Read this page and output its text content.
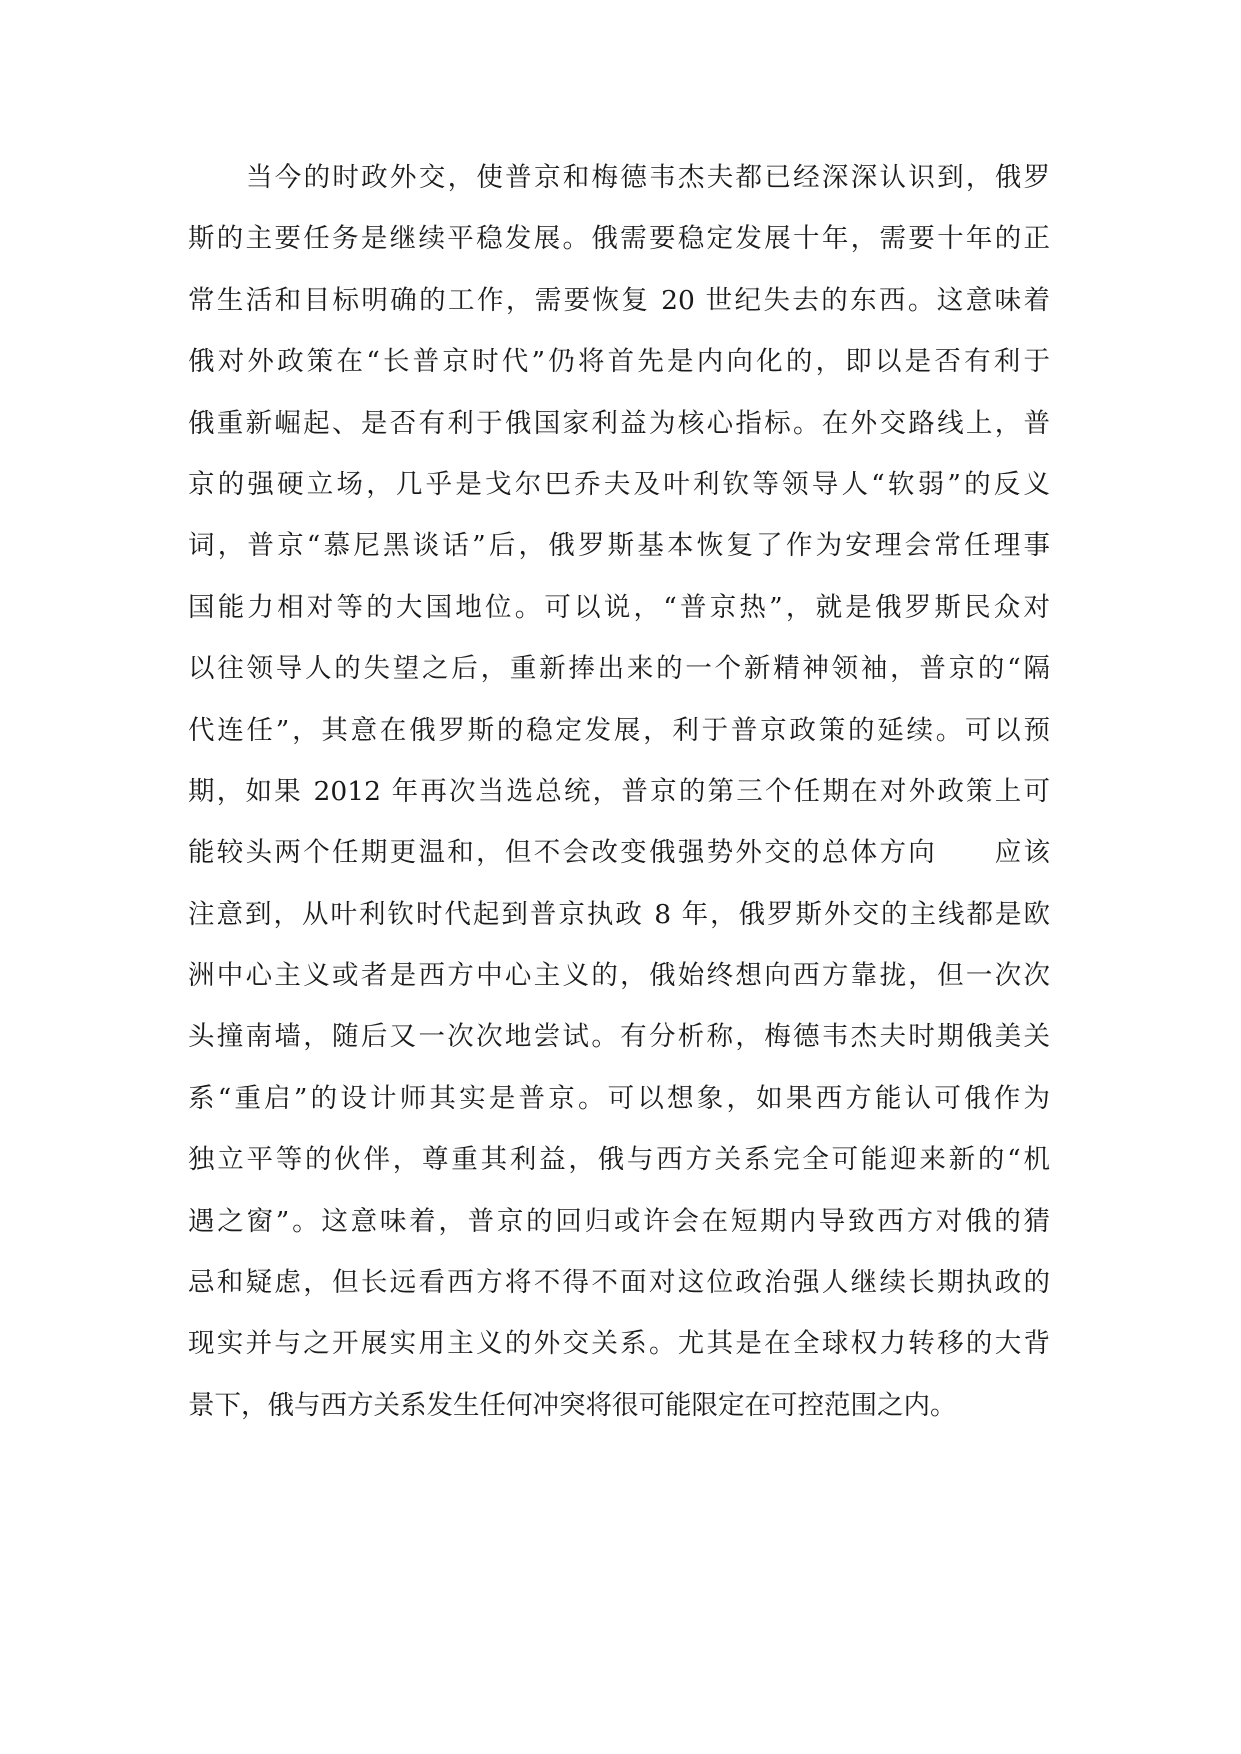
当今的时政外交，使普京和梅德韦杰夫都已经深深认识到，俄罗
斯的主要任务是继续平稳发展。俄需要稳定发展十年，需要十年的正
常生活和目标明确的工作，需要恢复 20 世纪失去的东西。这意味着
俄对外政策在“长普京时代”仍将首先是内向化的，即以是否有利于
俄重新崛起、是否有利于俄国家利益为核心指标。在外交路线上，普
京的强硬立场，几乎是戈尔巴乔夫及叶利钦等领导人“软弱”的反义
词，普京“慕尼黑谈话”后，俄罗斯基本恢复了作为安理会常任理事
国能力相对等的大国地位。可以说，“普京热”，就是俄罗斯民众对
以往领导人的失望之后，重新捧出来的一个新精神领袖，普京的“隔
代连任”，其意在俄罗斯的稳定发展，利于普京政策的延续。可以预
期，如果 2012 年再次当选总统，普京的第三个任期在对外政策上可
能较头两个任期更温和，但不会改变俄强势外交的总体方向　　应该
注意到，从叶利钦时代起到普京执政 8 年，俄罗斯外交的主线都是欧
洲中心主义或者是西方中心主义的，俄始终想向西方靠拢，但一次次
头撞南墙，随后又一次次地尝试。有分析称，梅德韦杰夫时期俄美关
系“重启”的设计师其实是普京。可以想象，如果西方能认可俄作为
独立平等的伙伴，尊重其利益，俄与西方关系完全可能迎来新的“机
遇之窗”。这意味着，普京的回归或许会在短期内导致西方对俄的猜
忌和疑虑，但长远看西方将不得不面对这位政治强人继续长期执政的
现实并与之开展实用主义的外交关系。尤其是在全球权力转移的大背
景下，俄与西方关系发生任何冲突将很可能限定在可控范围之内。
